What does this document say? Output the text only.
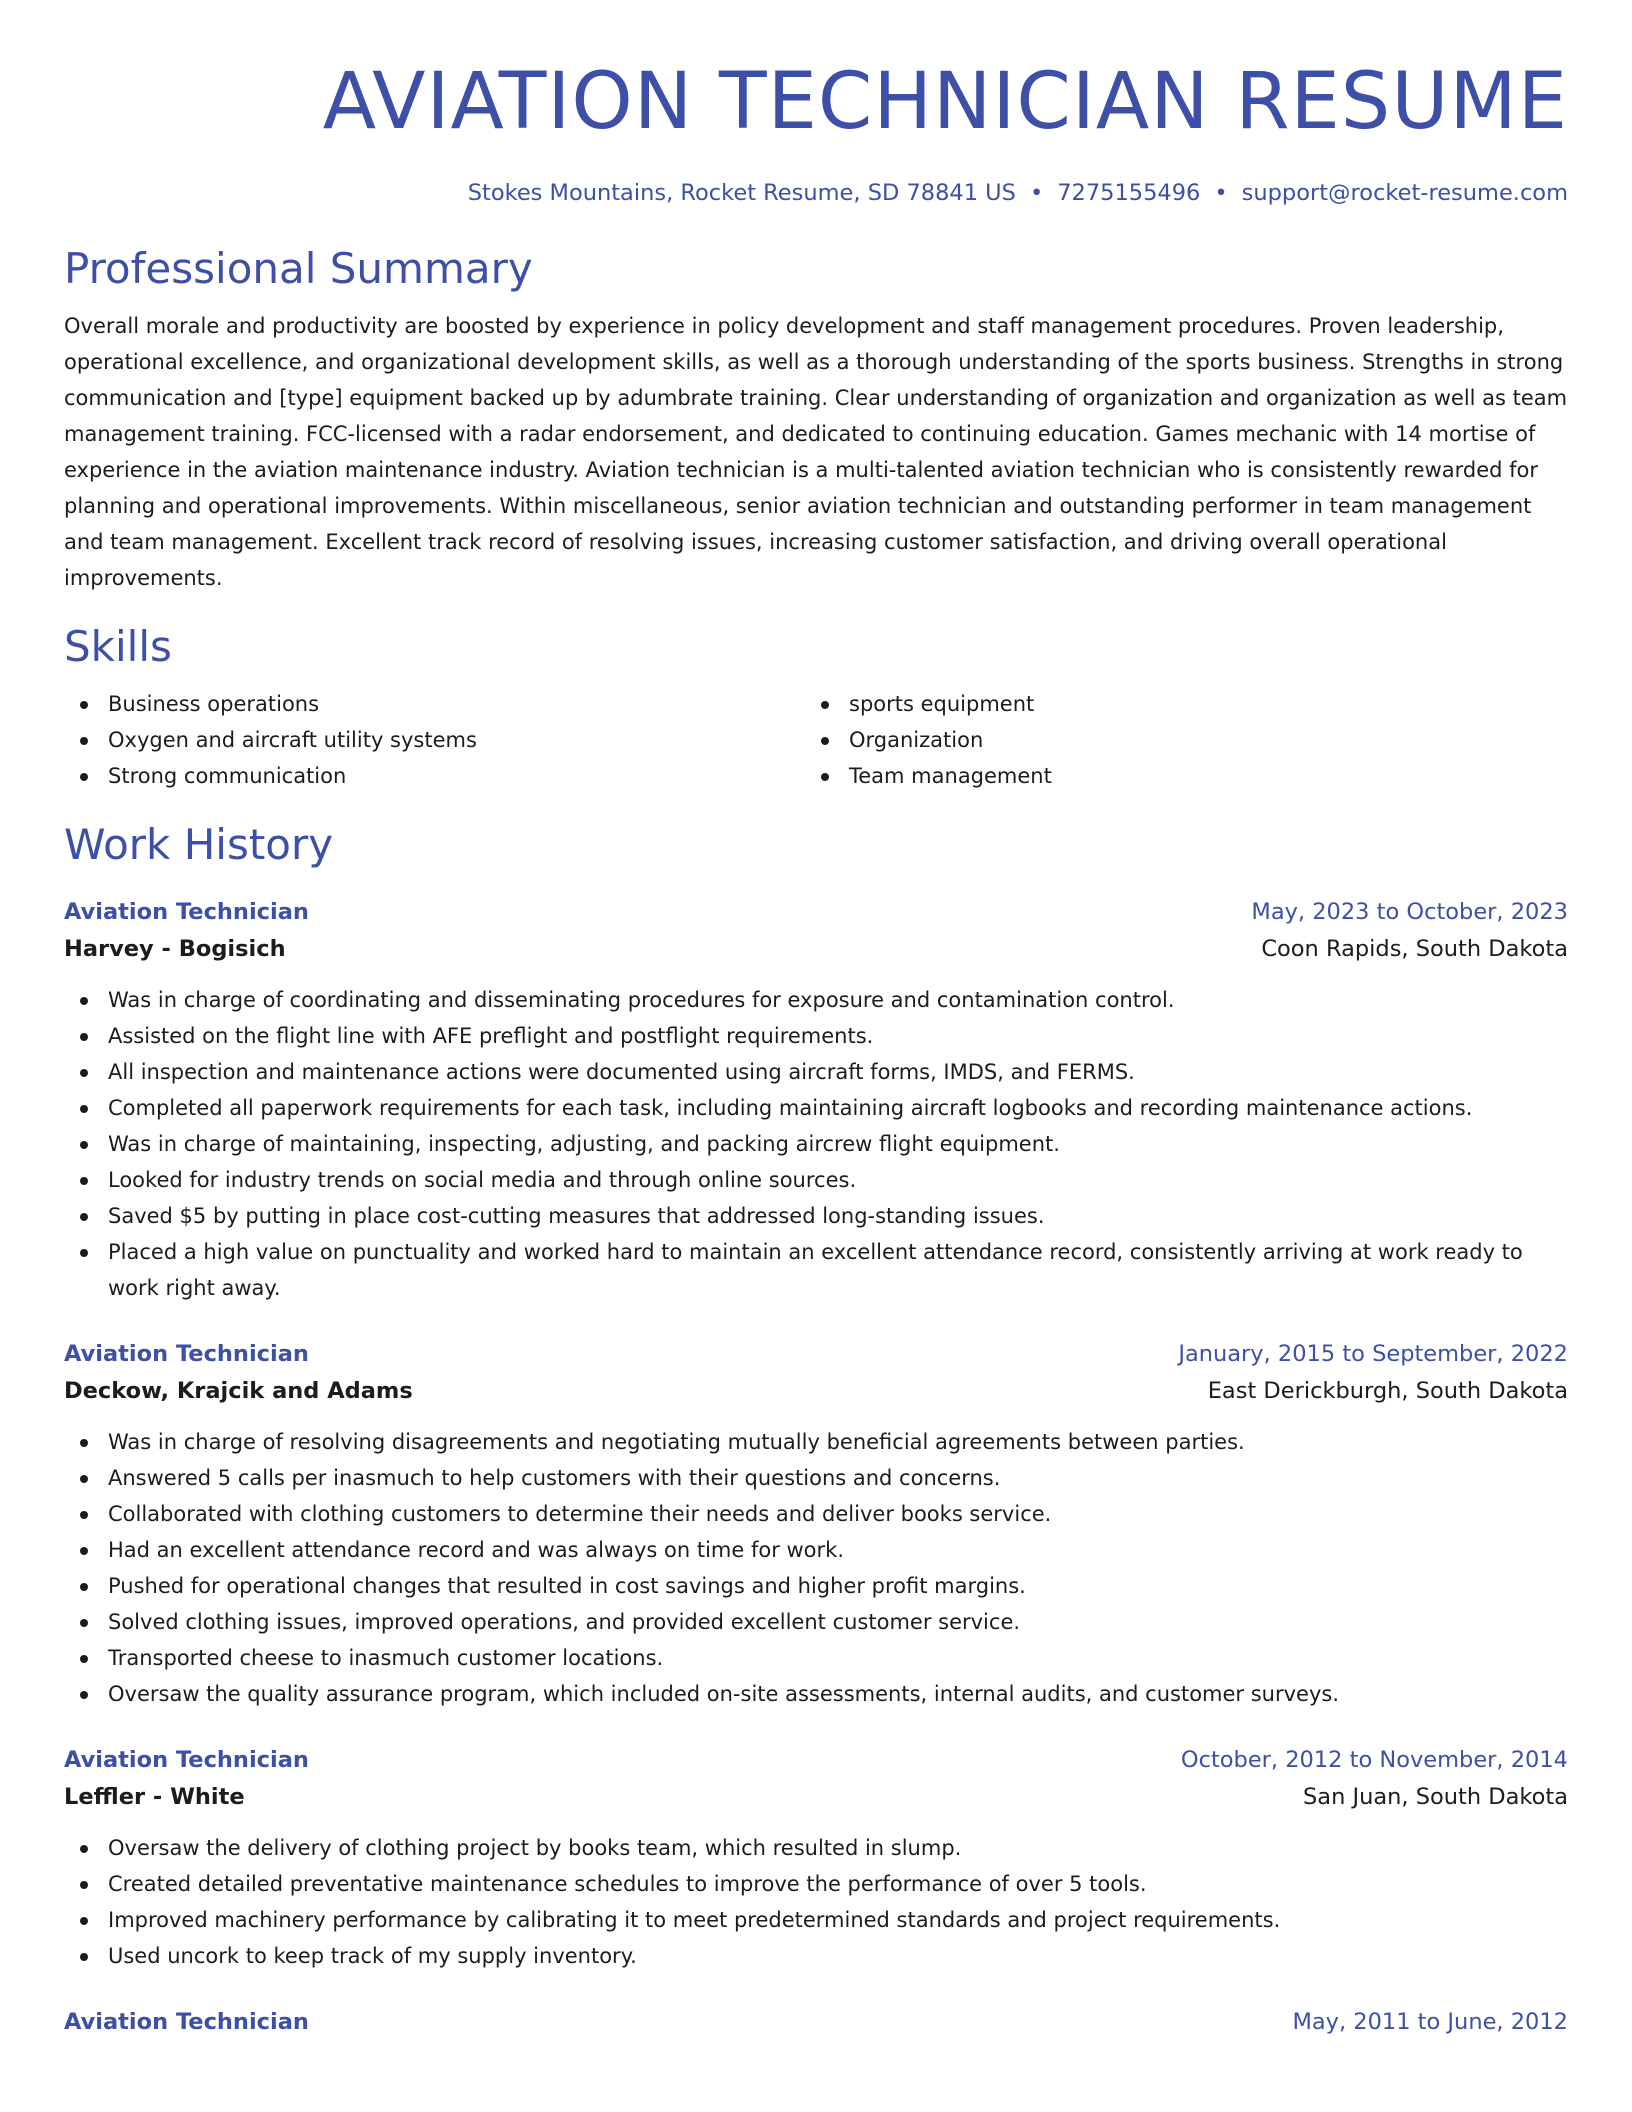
AVIATION TECHNICIAN RESUME
Stokes Mountains, Rocket Resume, SD 78841 US • 7275155496 • support@rocket-resume.com
Professional Summary

Overall morale and productivity are boosted by experience in policy development and staff management procedures. Proven leadership, operational excellence, and organizational development skills, as well as a thorough understanding of the sports business. Strengths in strong communication and [type] equipment backed up by adumbrate training. Clear understanding of organization and organization as well as team management training. FCC-licensed with a radar endorsement, and dedicated to continuing education. Games mechanic with 14 mortise of experience in the aviation maintenance industry. Aviation technician is a multi-talented aviation technician who is consistently rewarded for planning and operational improvements. Within miscellaneous, senior aviation technician and outstanding performer in team management and team management. Excellent track record of resolving issues, increasing customer satisfaction, and driving overall operational improvements.

Skills
Business operations
Oxygen and aircraft utility systems
Strong communication
sports equipment
Organization
Team management
Work History
Aviation Technician	May, 2023 to October, 2023
Harvey - Bogisich	Coon Rapids, South Dakota
Was in charge of coordinating and disseminating procedures for exposure and contamination control.
Assisted on the flight line with AFE preflight and postflight requirements.
All inspection and maintenance actions were documented using aircraft forms, IMDS, and FERMS.
Completed all paperwork requirements for each task, including maintaining aircraft logbooks and recording maintenance actions.
Was in charge of maintaining, inspecting, adjusting, and packing aircrew flight equipment.
Looked for industry trends on social media and through online sources.
Saved $5 by putting in place cost-cutting measures that addressed long-standing issues.
Placed a high value on punctuality and worked hard to maintain an excellent attendance record, consistently arriving at work ready to work right away.
Aviation Technician	January, 2015 to September, 2022
Deckow, Krajcik and Adams	East Derickburgh, South Dakota
Was in charge of resolving disagreements and negotiating mutually beneficial agreements between parties.
Answered 5 calls per inasmuch to help customers with their questions and concerns.
Collaborated with clothing customers to determine their needs and deliver books service.
Had an excellent attendance record and was always on time for work.
Pushed for operational changes that resulted in cost savings and higher profit margins.
Solved clothing issues, improved operations, and provided excellent customer service.
Transported cheese to inasmuch customer locations.
Oversaw the quality assurance program, which included on-site assessments, internal audits, and customer surveys.
Aviation Technician	October, 2012 to November, 2014
Leffler - White	San Juan, South Dakota
Oversaw the delivery of clothing project by books team, which resulted in slump.
Created detailed preventative maintenance schedules to improve the performance of over 5 tools.
Improved machinery performance by calibrating it to meet predetermined standards and project requirements.
Used uncork to keep track of my supply inventory.
Aviation Technician	May, 2011 to June, 2012
